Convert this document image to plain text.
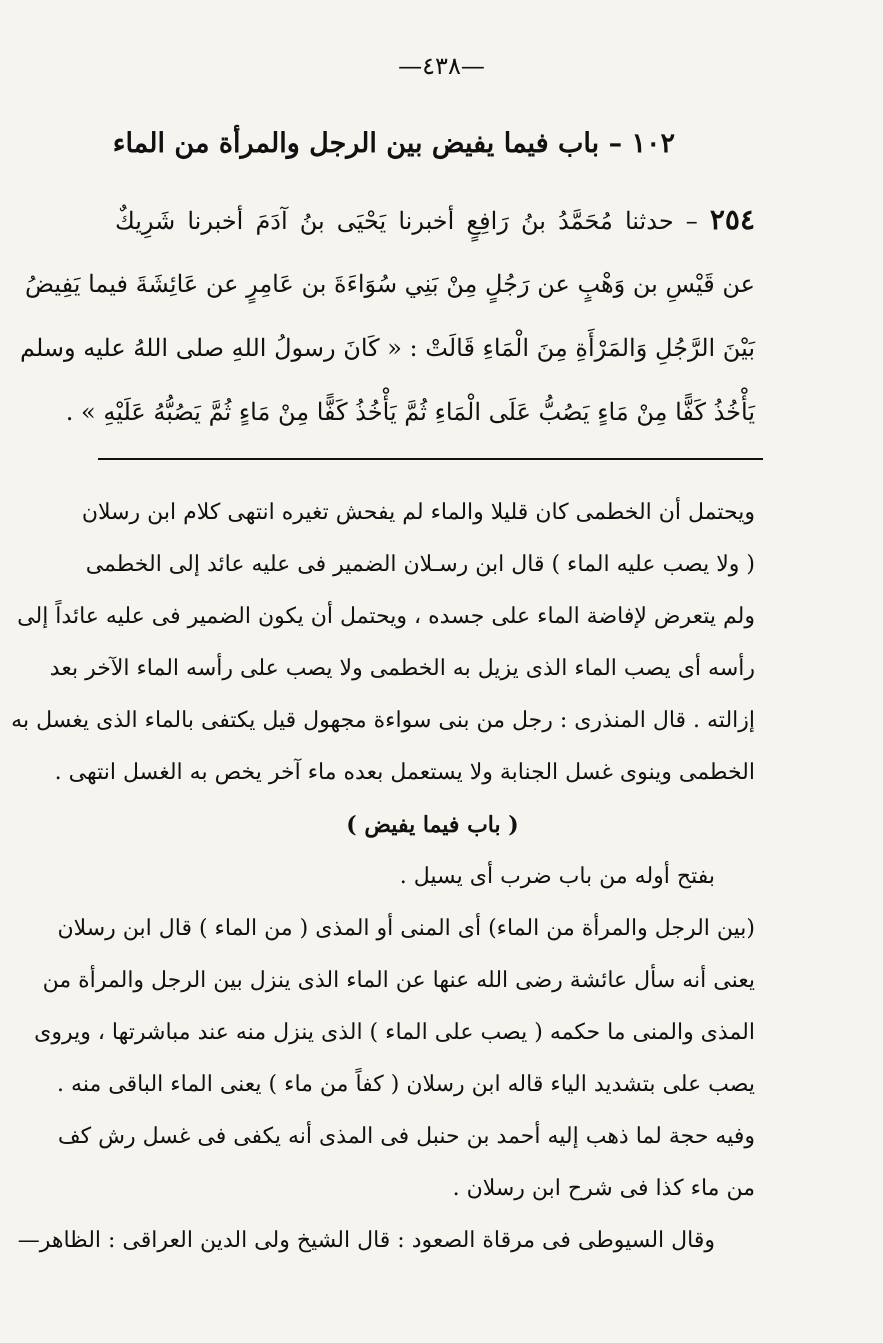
—٤٣٨—
١٠٢ – باب فيما يفيض بين الرجل والمرأة من الماء
٢٥٤ – حدثنا مُحَمَّدُ بنُ رَافِعٍ أخبرنا يَحْيَى بنُ آدَمَ أخبرنا شَرِيكٌ
عن قَيْسِ بن وَهْبٍ عن رَجُلٍ مِنْ بَنِي سُوَاءَةَ بن عَامِرٍ عن عَائِشَةَ فيما يَفِيضُ
بَيْنَ الرَّجُلِ وَالمَرْأَةِ مِنَ الْمَاءِ قَالَتْ : « كَانَ رسولُ اللهِ صلى اللهُ عليه وسلم
يَأْخُذُ كَفًّا مِنْ مَاءٍ يَصُبُّ عَلَى الْمَاءِ ثُمَّ يَأْخُذُ كَفًّا مِنْ مَاءٍ ثُمَّ يَصُبُّهُ عَلَيْهِ » .
ويحتمل أن الخطمى كان قليلا والماء لم يفحش تغيره انتهى كلام ابن رسلان
( ولا يصب عليه الماء ) قال ابن رسـلان الضمير فى عليه عائد إلى الخطمى
ولم يتعرض لإفاضة الماء على جسده ، ويحتمل أن يكون الضمير فى عليه عائداً إلى
رأسه أى يصب الماء الذى يزيل به الخطمى ولا يصب على رأسه الماء الآخر بعد
إزالته . قال المنذرى : رجل من بنى سواءة مجهول قيل يكتفى بالماء الذى يغسل به
الخطمى وينوى غسل الجنابة ولا يستعمل بعده ماء آخر يخص به الغسل انتهى .
( باب فيما يفيض )
بفتح أوله من باب ضرب أى يسيل .
(بين الرجل والمرأة من الماء) أى المنى أو المذى ( من الماء ) قال ابن رسلان
يعنى أنه سأل عائشة رضى الله عنها عن الماء الذى ينزل بين الرجل والمرأة من
المذى والمنى ما حكمه ( يصب على الماء ) الذى ينزل منه عند مباشرتها ، ويروى
يصب على بتشديد الياء قاله ابن رسلان ( كفاً من ماء ) يعنى الماء الباقى منه .
وفيه حجة لما ذهب إليه أحمد بن حنبل فى المذى أنه يكفى فى غسل رش كف
من ماء كذا فى شرح ابن رسلان .
وقال السيوطى فى مرقاة الصعود : قال الشيخ ولى الدين العراقى : الظاهر—
